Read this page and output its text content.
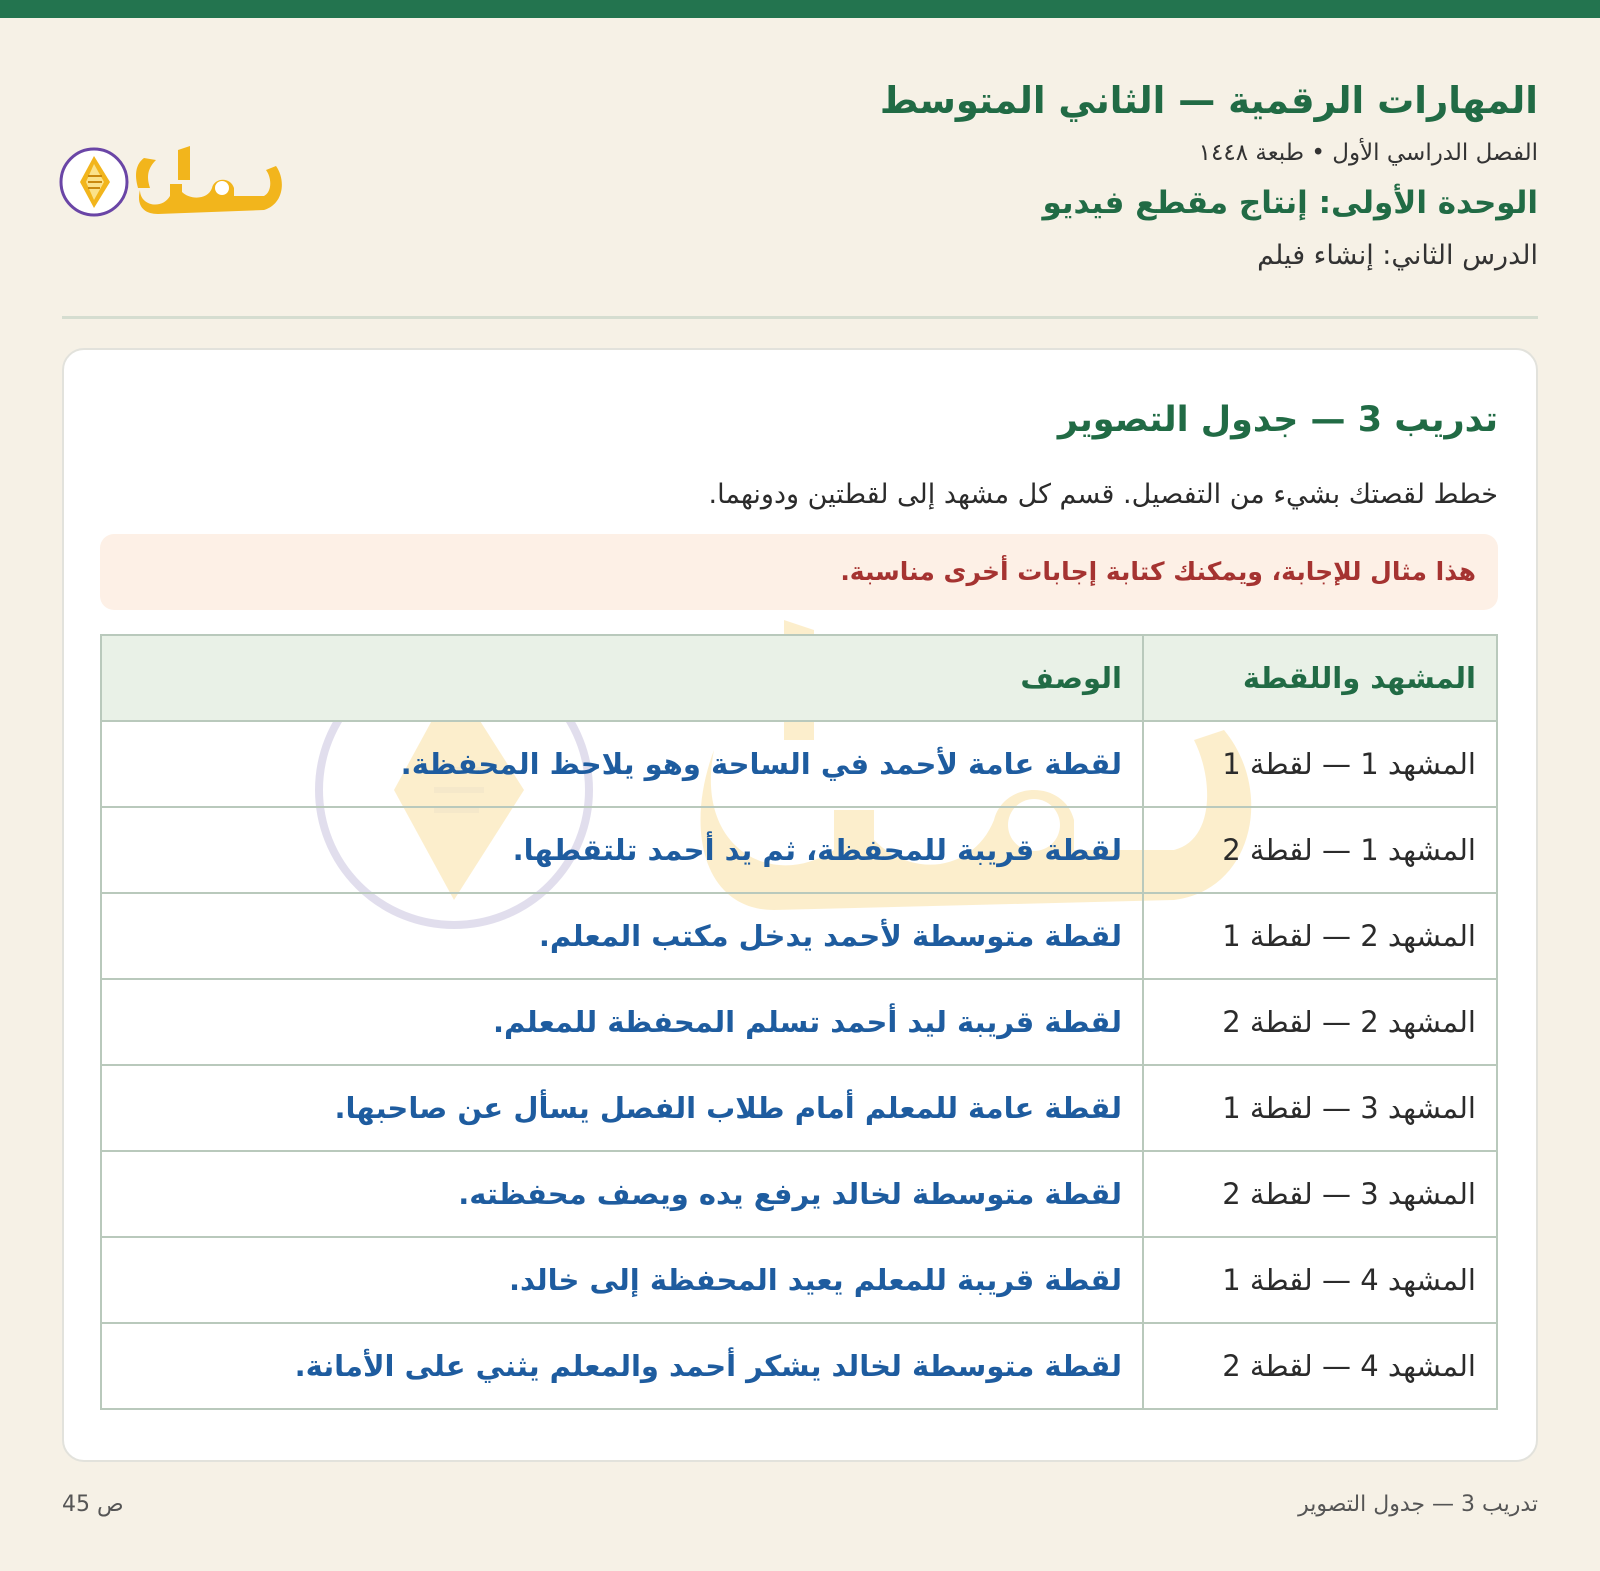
المهارات الرقمية — الثاني المتوسط
الفصل الدراسي الأول • طبعة ١٤٤٨
الوحدة الأولى: إنتاج مقطع فيديو
الدرس الثاني: إنشاء فيلم
تدريب 3 — جدول التصوير
خطط لقصتك بشيء من التفصيل. قسم كل مشهد إلى لقطتين ودونهما.
هذا مثال للإجابة، ويمكنك كتابة إجابات أخرى مناسبة.
المشهد واللقطة	الوصف
المشهد 1 — لقطة 1	لقطة عامة لأحمد في الساحة وهو يلاحظ المحفظة.
المشهد 1 — لقطة 2	لقطة قريبة للمحفظة، ثم يد أحمد تلتقطها.
المشهد 2 — لقطة 1	لقطة متوسطة لأحمد يدخل مكتب المعلم.
المشهد 2 — لقطة 2	لقطة قريبة ليد أحمد تسلم المحفظة للمعلم.
المشهد 3 — لقطة 1	لقطة عامة للمعلم أمام طلاب الفصل يسأل عن صاحبها.
المشهد 3 — لقطة 2	لقطة متوسطة لخالد يرفع يده ويصف محفظته.
المشهد 4 — لقطة 1	لقطة قريبة للمعلم يعيد المحفظة إلى خالد.
المشهد 4 — لقطة 2	لقطة متوسطة لخالد يشكر أحمد والمعلم يثني على الأمانة.
تدريب 3 — جدول التصوير
ص 45
